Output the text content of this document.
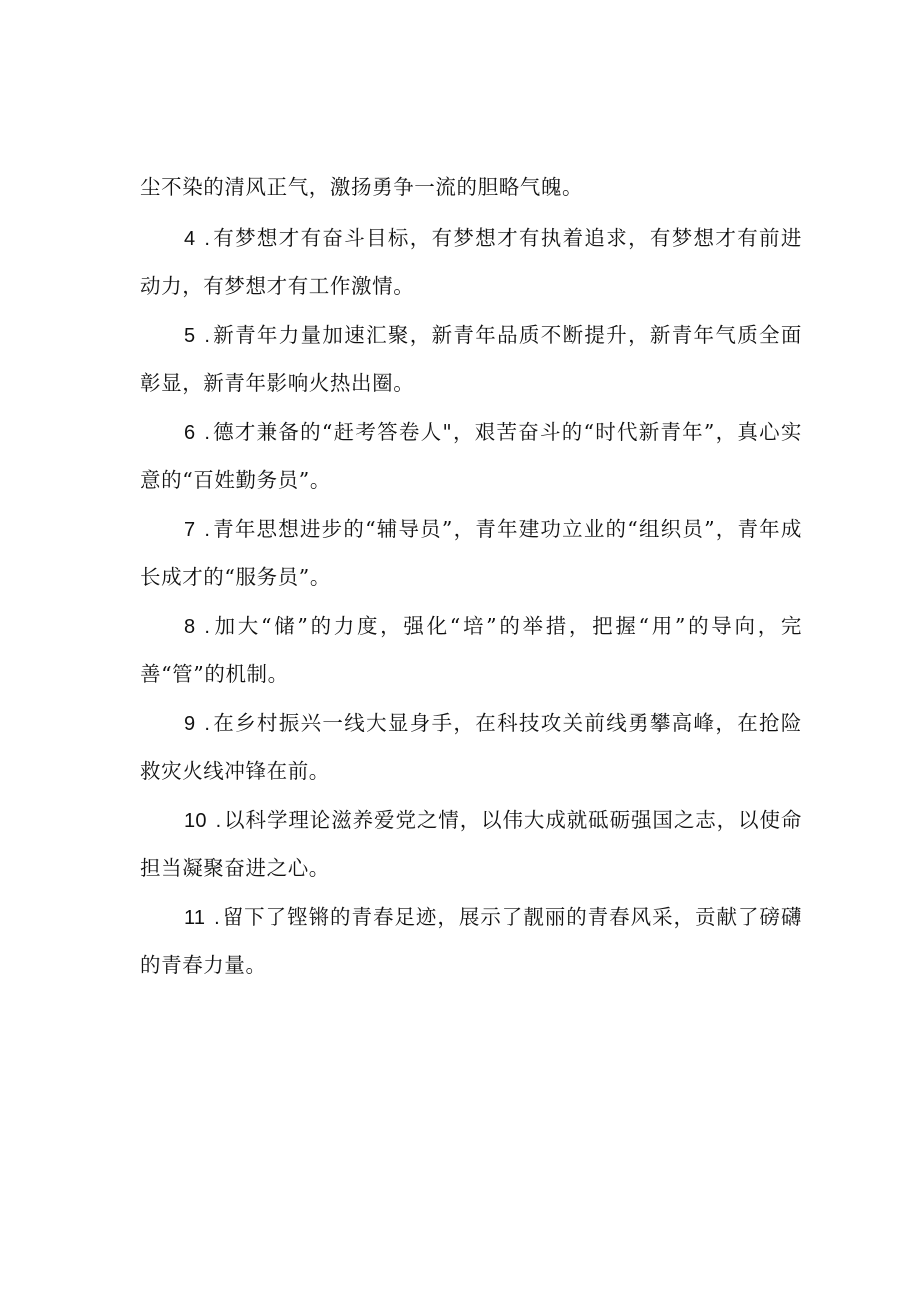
尘不染的清风正气，激扬勇争一流的胆略气魄。

4 .有梦想才有奋斗目标，有梦想才有执着追求，有梦想才有前进动力，有梦想才有工作激情。

5 .新青年力量加速汇聚，新青年品质不断提升，新青年气质全面彰显，新青年影响火热出圈。

6 .德才兼备的“赶考答卷人"，艰苦奋斗的“时代新青年”，真心实意的“百姓勤务员”。

7 .青年思想进步的“辅导员”，青年建功立业的“组织员”，青年成长成才的“服务员”。

8 .加大“储”的力度，强化“培”的举措，把握“用”的导向，完善“管”的机制。

9 .在乡村振兴一线大显身手，在科技攻关前线勇攀高峰，在抢险救灾火线冲锋在前。

10 .以科学理论滋养爱党之情，以伟大成就砥砺强国之志，以使命担当凝聚奋进之心。

11 .留下了铿锵的青春足迹，展示了靓丽的青春风采，贡献了磅礴的青春力量。
